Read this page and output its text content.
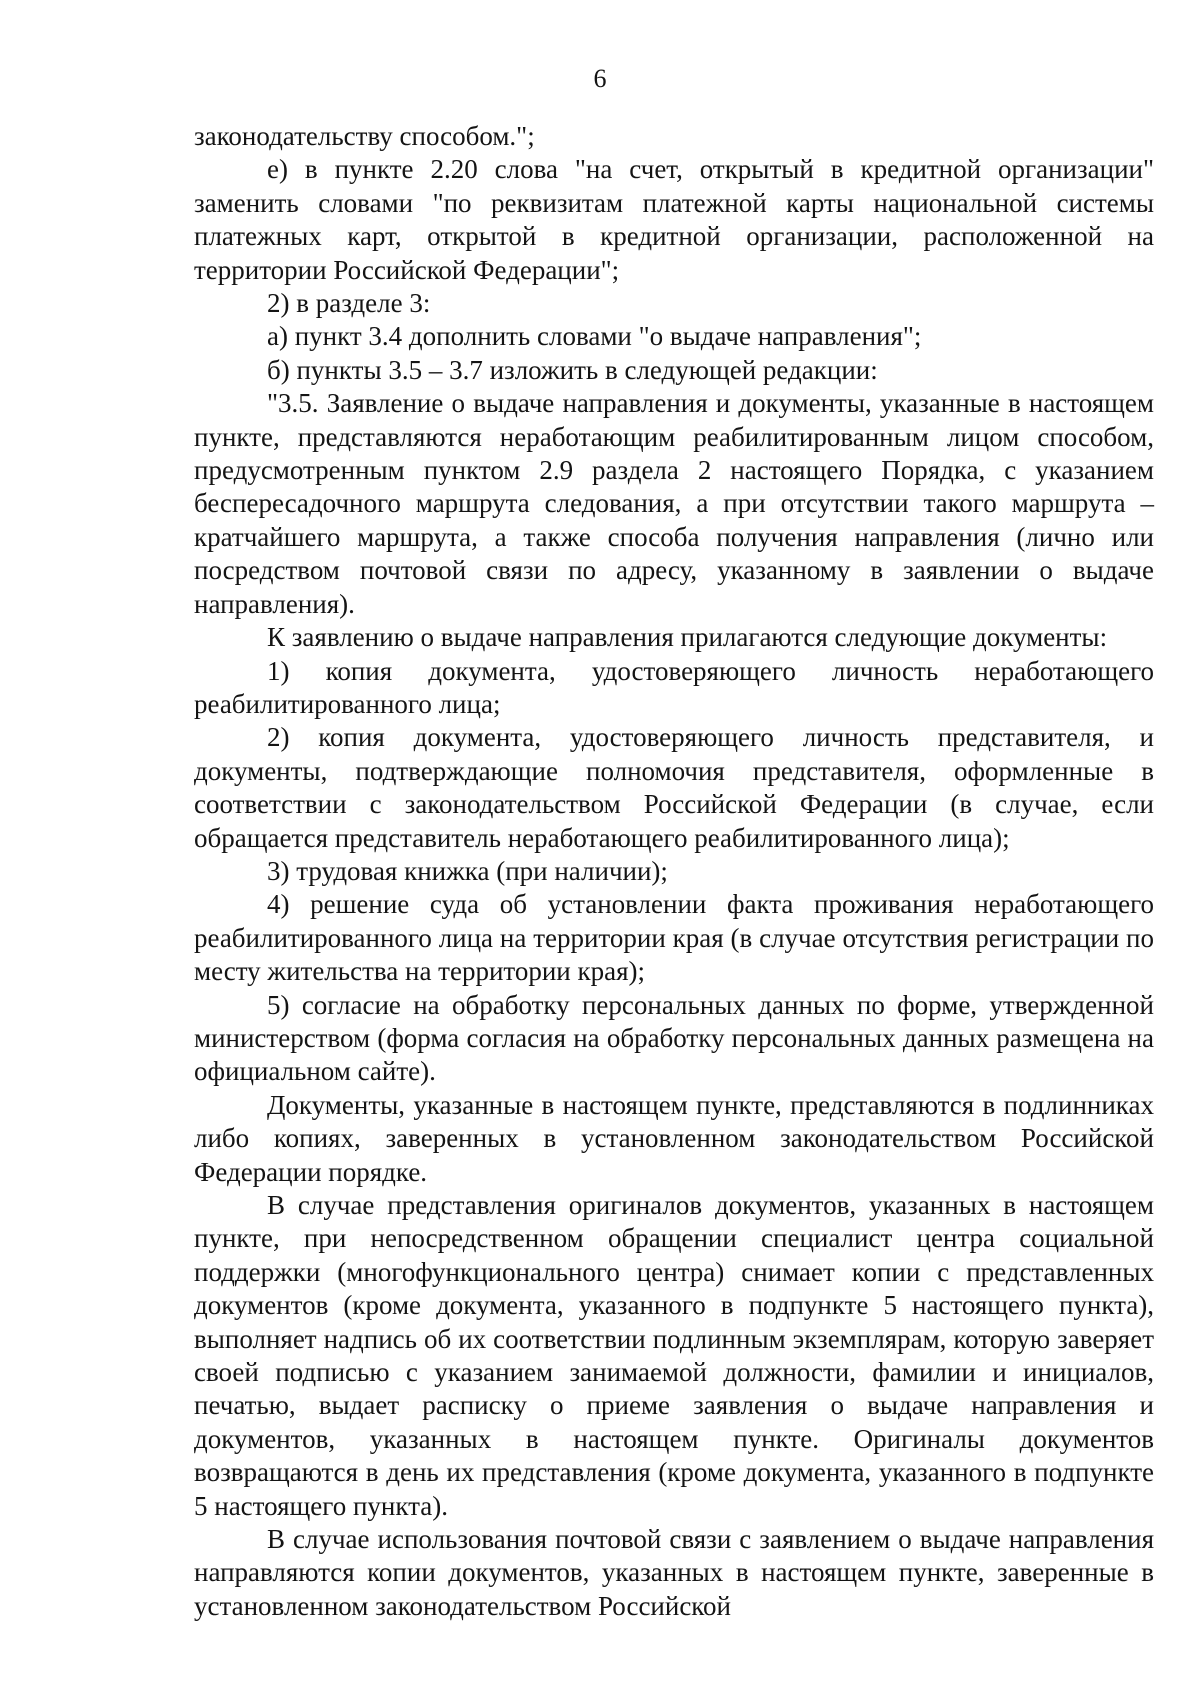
6

законодательству способом.";

е) в пункте 2.20 слова "на счет, открытый в кредитной организации" заменить словами "по реквизитам платежной карты национальной системы платежных карт, открытой в кредитной организации, расположенной на территории Российской Федерации";

2) в разделе 3:

а) пункт 3.4 дополнить словами "о выдаче направления";

б) пункты 3.5 – 3.7 изложить в следующей редакции:

"3.5. Заявление о выдаче направления и документы, указанные в настоящем пункте, представляются неработающим реабилитированным лицом способом, предусмотренным пунктом 2.9 раздела 2 настоящего Порядка, с указанием беспересадочного маршрута следования, а при отсутствии такого маршрута – кратчайшего маршрута, а также способа получения направления (лично или посредством почтовой связи по адресу, указанному в заявлении о выдаче направления).

К заявлению о выдаче направления прилагаются следующие документы:

1) копия документа, удостоверяющего личность неработающего реабилитированного лица;

2) копия документа, удостоверяющего личность представителя, и документы, подтверждающие полномочия представителя, оформленные в соответствии с законодательством Российской Федерации (в случае, если обращается представитель неработающего реабилитированного лица);

3) трудовая книжка (при наличии);

4) решение суда об установлении факта проживания неработающего реабилитированного лица на территории края (в случае отсутствия регистрации по месту жительства на территории края);

5) согласие на обработку персональных данных по форме, утвержденной министерством (форма согласия на обработку персональных данных размещена на официальном сайте).

Документы, указанные в настоящем пункте, представляются в подлинниках либо копиях, заверенных в установленном законодательством Российской Федерации порядке.

В случае представления оригиналов документов, указанных в настоящем пункте, при непосредственном обращении специалист центра социальной поддержки (многофункционального центра) снимает копии с представленных документов (кроме документа, указанного в подпункте 5 настоящего пункта), выполняет надпись об их соответствии подлинным экземплярам, которую заверяет своей подписью с указанием занимаемой должности, фамилии и инициалов, печатью, выдает расписку о приеме заявления о выдаче направления и документов, указанных в настоящем пункте. Оригиналы документов возвращаются в день их представления (кроме документа, указанного в подпункте 5 настоящего пункта).

В случае использования почтовой связи с заявлением о выдаче направления направляются копии документов, указанных в настоящем пункте, заверенные в установленном законодательством Российской
